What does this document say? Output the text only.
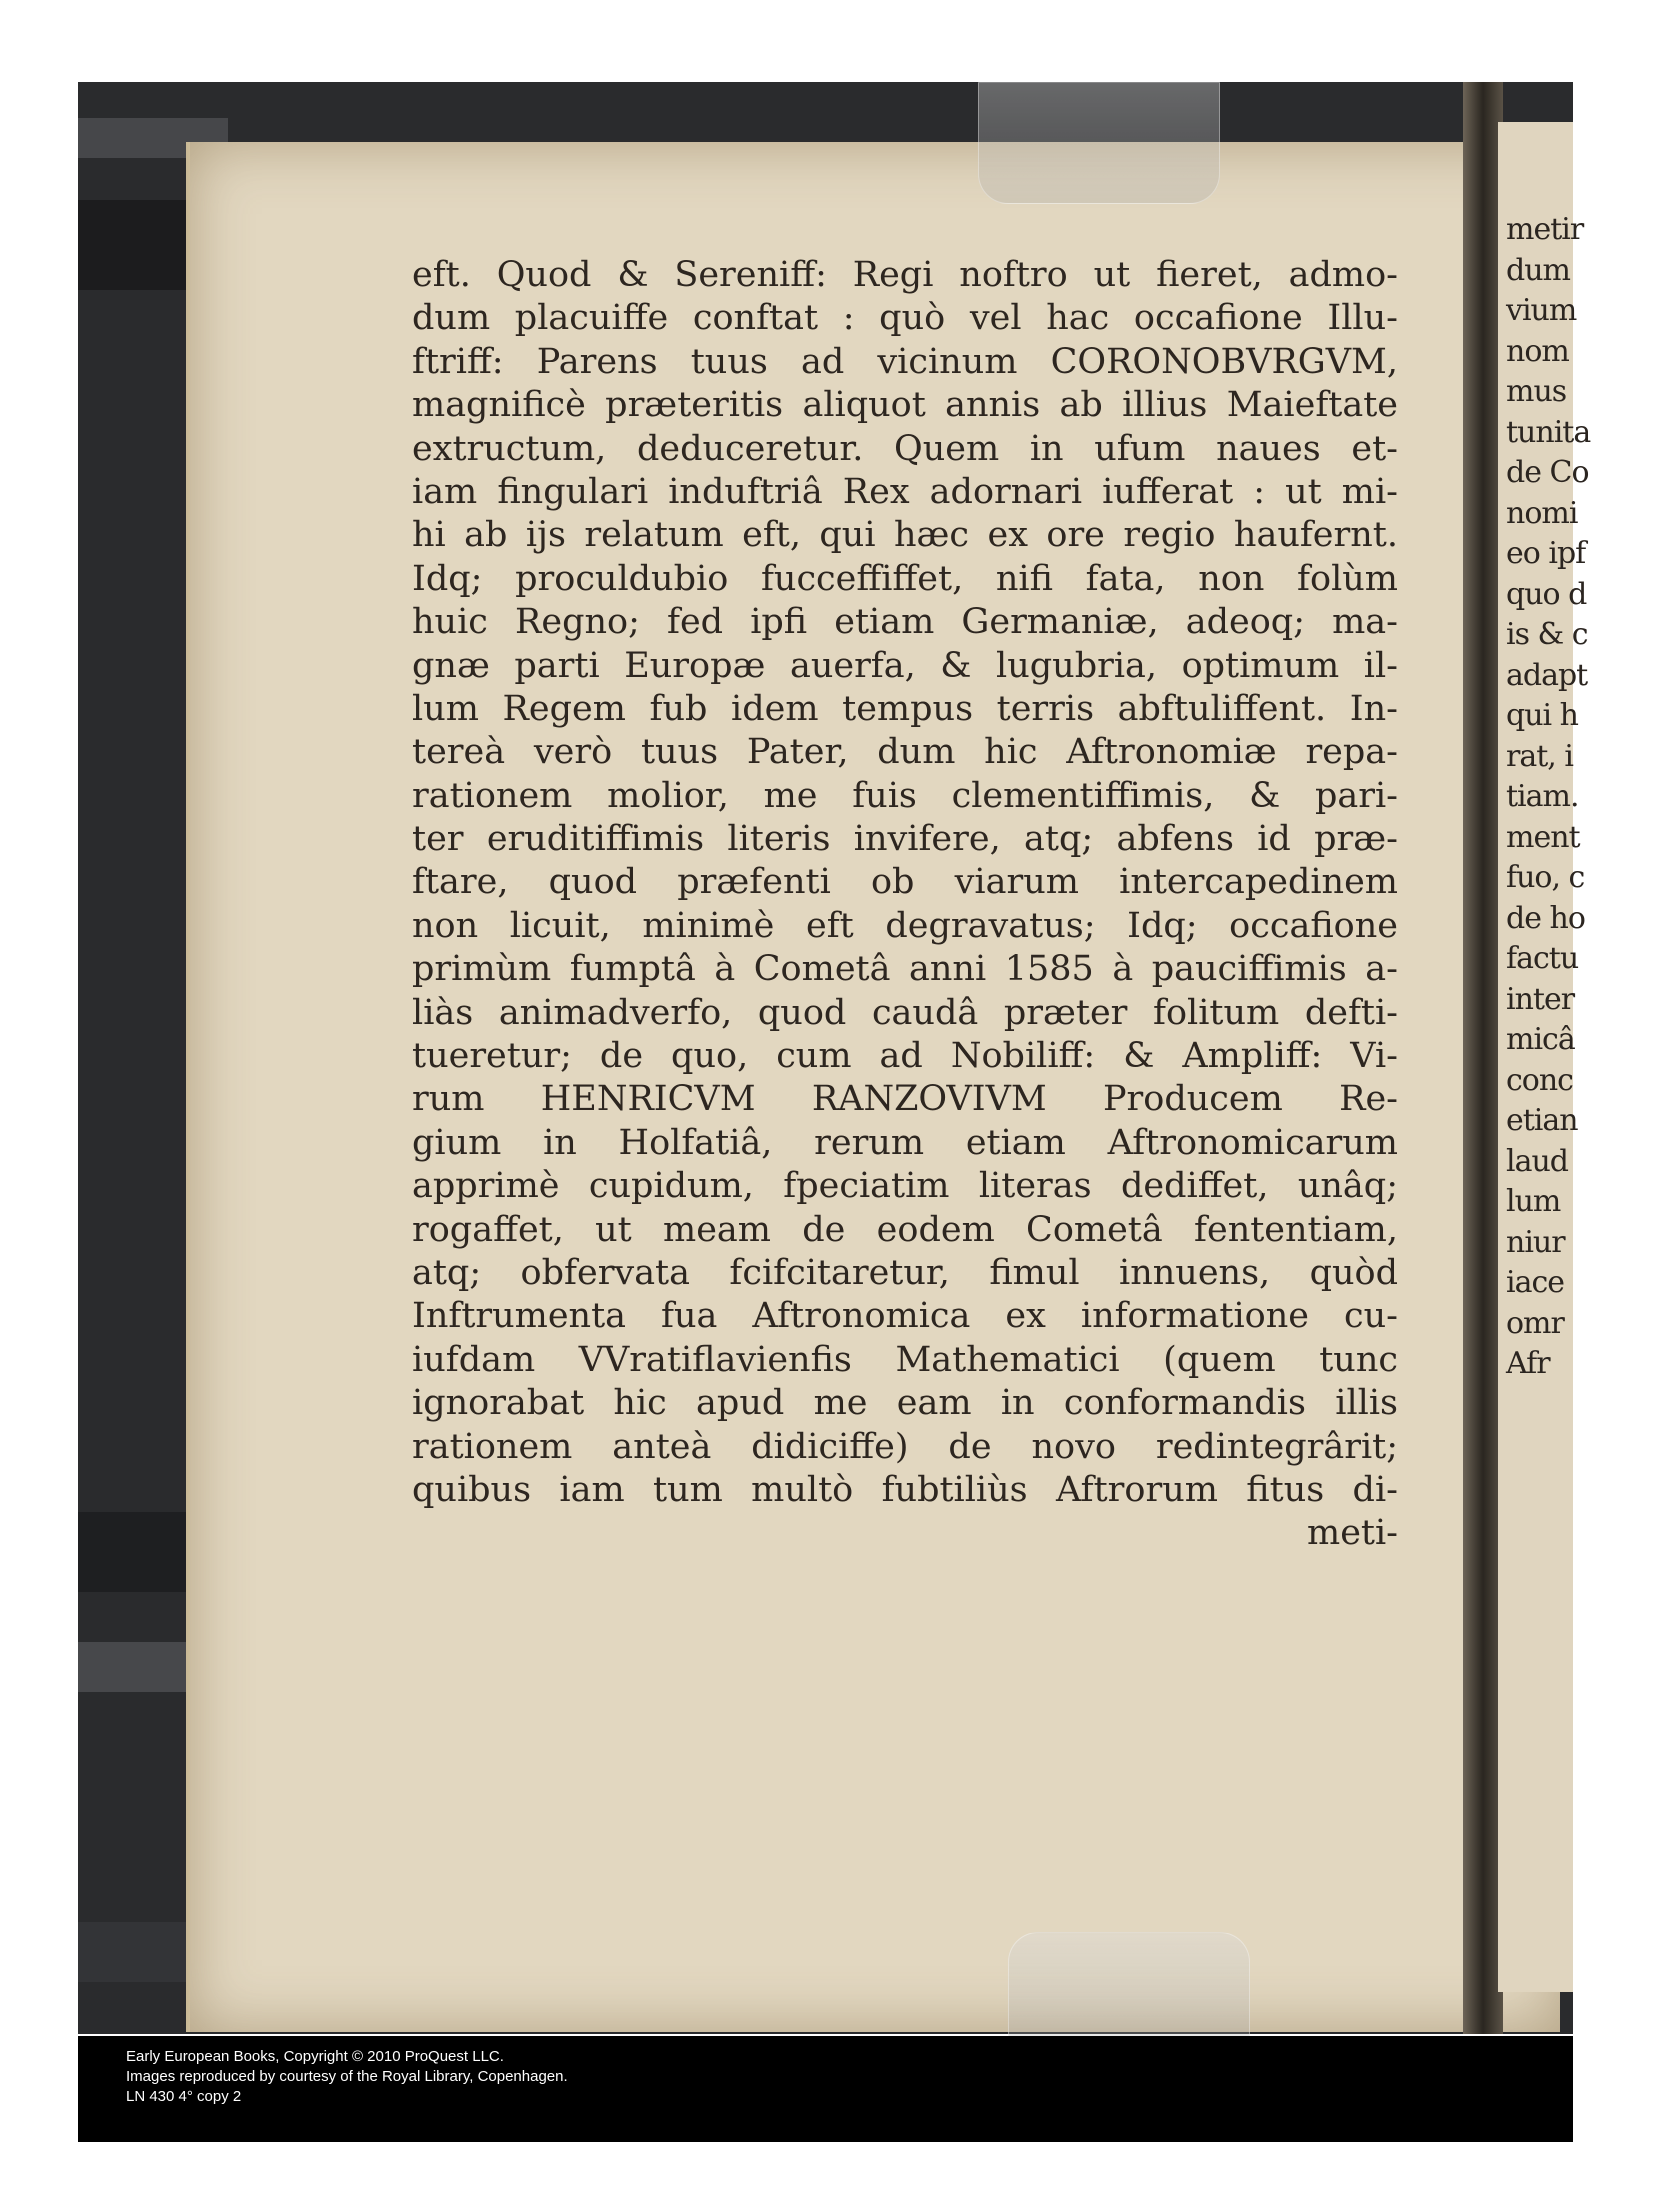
metir
dum
vium
nom
mus
tunita
de Co
nomi
eo ipf
quo d
is & c
adapt
qui h
rat, i
tiam.
ment
fuo, c
de ho
factu
inter
micâ
conc
etian
laud
lum
niur
iace
omr
Afr
eft. Quod & Sereniff: Regi noftro ut fieret, admo-
dum placuiffe conftat : quò vel hac occafione Illu-
ftriff: Parens tuus ad vicinum CORONOBVRGVM,
magnificè præteritis aliquot annis ab illius Maieftate
extructum, deduceretur. Quem in ufum naues et-
iam fingulari induftriâ Rex adornari iufferat : ut mi-
hi ab ijs relatum eft, qui hæc ex ore regio haufernt.
Idq; proculdubio fucceffiffet, nifi fata, non folùm
huic Regno; fed ipfi etiam Germaniæ, adeoq; ma-
gnæ parti Europæ auerfa, & lugubria, optimum il-
lum Regem fub idem tempus terris abftuliffent. In-
tereà verò tuus Pater, dum hic Aftronomiæ repa-
rationem molior, me fuis clementiffimis, & pari-
ter eruditiffimis literis invifere, atq; abfens id præ-
ftare, quod præfenti ob viarum intercapedinem
non licuit, minimè eft degravatus; Idq; occafione
primùm fumptâ à Cometâ anni 1585 à pauciffimis a-
liàs animadverfo, quod caudâ præter folitum defti-
tueretur; de quo, cum ad Nobiliff: & Ampliff: Vi-
rum HENRICVM RANZOVIVM Producem Re-
gium in Holfatiâ, rerum etiam Aftronomicarum
apprimè cupidum, fpeciatim literas dediffet, unâq;
rogaffet, ut meam de eodem Cometâ fententiam,
atq; obfervata fcifcitaretur, fimul innuens, quòd
Inftrumenta fua Aftronomica ex informatione cu-
iufdam VVratiflavienfis Mathematici (quem tunc
ignorabat hic apud me eam in conformandis illis
rationem anteà didiciffe) de novo redintegrârit;
quibus iam tum multò fubtiliùs Aftrorum fitus di-
meti-
Early European Books, Copyright © 2010 ProQuest LLC.
Images reproduced by courtesy of the Royal Library, Copenhagen.
LN 430 4° copy 2
